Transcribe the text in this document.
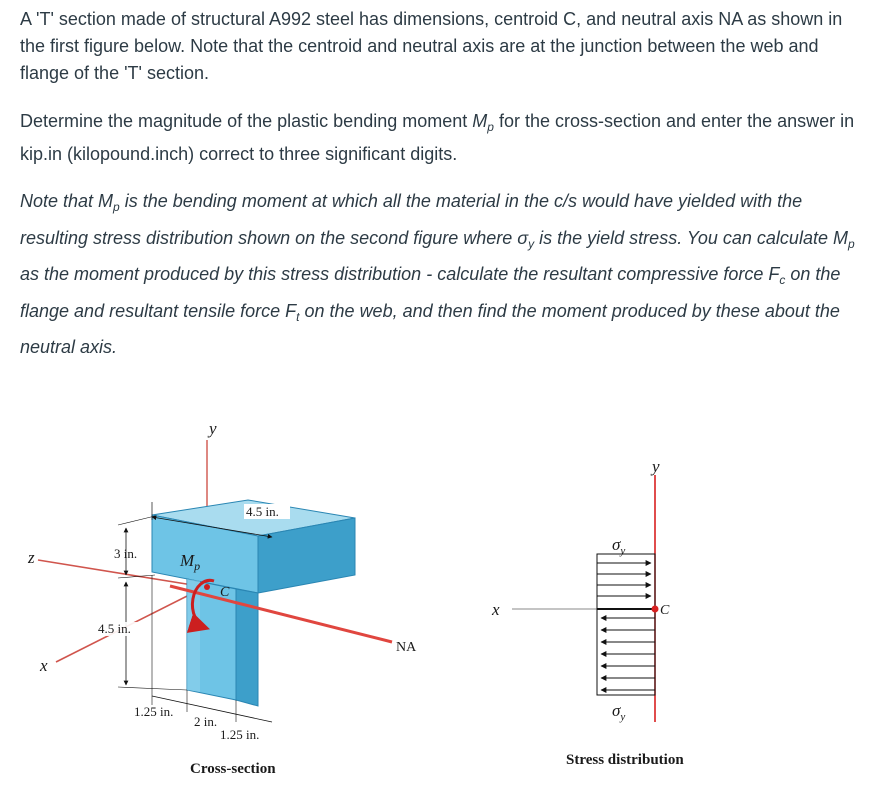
A 'T' section made of structural A992 steel has dimensions, centroid C, and neutral axis NA as shown in the first figure below. Note that the centroid and neutral axis are at the junction between the web and flange of the 'T' section.

Determine the magnitude of the plastic bending moment $M_p$ for the cross-section and enter the answer in kip.in (kilopound.inch) correct to three significant digits.

Note that $M_p$ is the bending moment at which all the material in the c/s would have yielded with the resulting stress distribution shown on the second figure where $\sigma_y$ is the yield stress. You can calculate $M_p$ as the moment produced by this stress distribution - calculate the resultant compressive force $F_c$ on the flange and resultant tensile force $F_t$ on the web, and then find the moment produced by these about the neutral axis.

y
z
x
4.5 in.
3 in.
4.5 in.
1.25 in.
2 in.
1.25 in.
$M_p$
C
NA
Cross-section
y
x
$\sigma_y$
$\sigma_y$
C
Stress distribution
